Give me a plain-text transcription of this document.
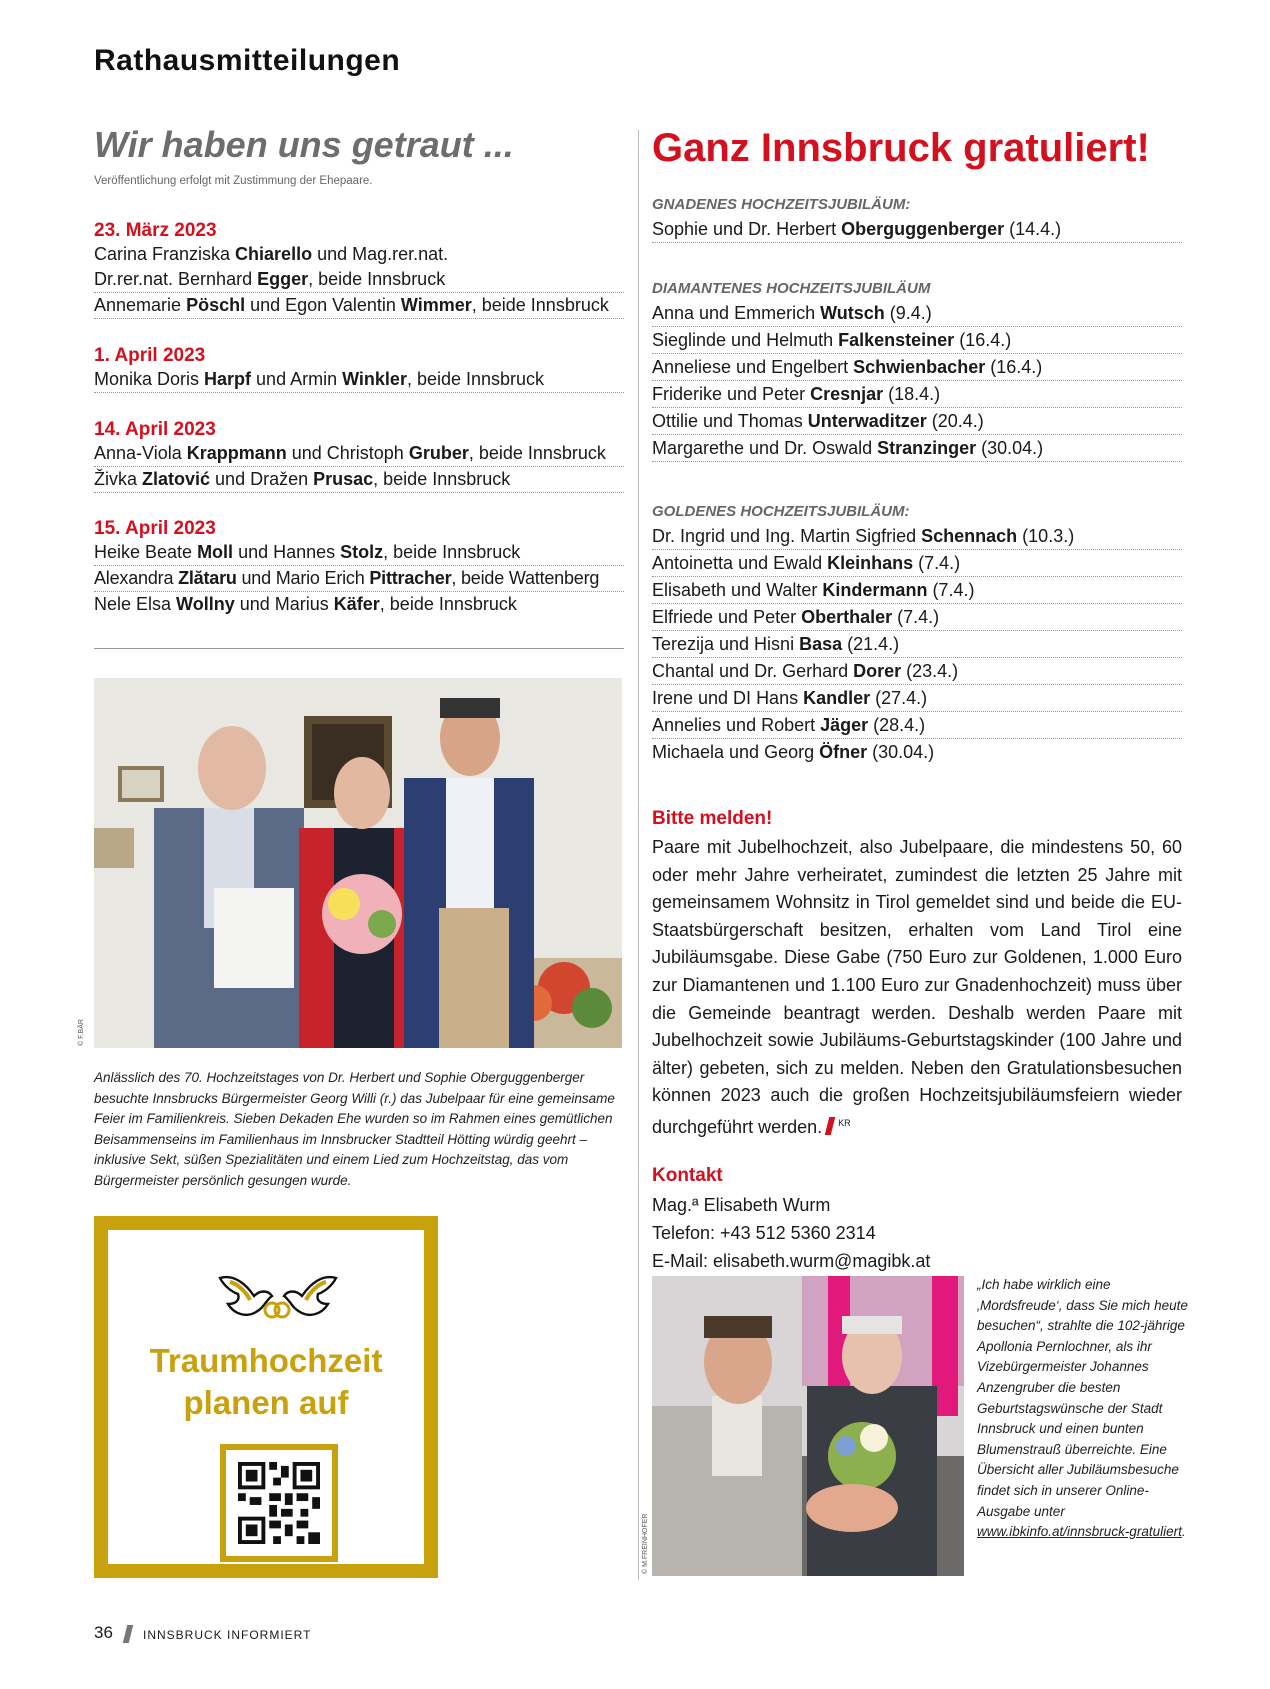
Rathausmitteilungen
Wir haben uns getraut ...
Veröffentlichung erfolgt mit Zustimmung der Ehepaare.
23. März 2023
Carina Franziska Chiarello und Mag.rer.nat.
Dr.rer.nat. Bernhard Egger, beide Innsbruck
Annemarie Pöschl und Egon Valentin Wimmer, beide Innsbruck
1. April 2023
Monika Doris Harpf und Armin Winkler, beide Innsbruck
14. April 2023
Anna-Viola Krappmann und Christoph Gruber, beide Innsbruck
Živka Zlatović und Dražen Prusac, beide Innsbruck
15. April 2023
Heike Beate Moll und Hannes Stolz, beide Innsbruck
Alexandra Zlătaru und Mario Erich Pittracher, beide Wattenberg
Nele Elsa Wollny und Marius Käfer, beide Innsbruck
© F.BÄR
Anlässlich des 70. Hochzeitstages von Dr. Herbert und Sophie Oberguggenberger besuchte Innsbrucks Bürgermeister Georg Willi (r.) das Jubelpaar für eine gemeinsame Feier im Familienkreis. Sieben Dekaden Ehe wurden so im Rahmen eines gemütlichen Beisammenseins im Familienhaus im Innsbrucker Stadtteil Hötting würdig geehrt – inklusive Sekt, süßen Spezialitäten und einem Lied zum Hochzeitstag, das vom Bürgermeister persönlich gesungen wurde.
Traumhochzeit
planen auf
Ganz Innsbruck gratuliert!
GNADENES HOCHZEITSJUBILÄUM:
Sophie und Dr. Herbert Oberguggenberger (14.4.)
DIAMANTENES HOCHZEITSJUBILÄUM
Anna und Emmerich Wutsch (9.4.)
Sieglinde und Helmuth Falkensteiner (16.4.)
Anneliese und Engelbert Schwienbacher (16.4.)
Friderike und Peter Cresnjar (18.4.)
Ottilie und Thomas Unterwaditzer (20.4.)
Margarethe und Dr. Oswald Stranzinger (30.04.)
GOLDENES HOCHZEITSJUBILÄUM:
Dr. Ingrid und Ing. Martin Sigfried Schennach (10.3.)
Antoinetta und Ewald Kleinhans (7.4.)
Elisabeth und Walter Kindermann (7.4.)
Elfriede und Peter Oberthaler (7.4.)
Terezija und Hisni Basa (21.4.)
Chantal und Dr. Gerhard Dorer (23.4.)
Irene und DI Hans Kandler (27.4.)
Annelies und Robert Jäger (28.4.)
Michaela und Georg Öfner (30.04.)
Bitte melden!
Paare mit Jubelhochzeit, also Jubelpaare, die mindestens 50, 60 oder mehr Jahre verheiratet, zumindest die letzten 25 Jahre mit gemeinsamem Wohnsitz in Tirol gemeldet sind und beide die EU-Staatsbürgerschaft besitzen, erhalten vom Land Tirol eine Jubiläumsgabe. Diese Gabe (750 Euro zur Goldenen, 1.000 Euro zur Diamantenen und 1.100 Euro zur Gnadenhochzeit) muss über die Gemeinde beantragt werden. Deshalb werden Paare mit Jubelhochzeit sowie Jubiläums-Geburtstagskinder (100 Jahre und älter) gebeten, sich zu melden. Neben den Gratulationsbesuchen können 2023 auch die großen Hochzeitsjubiläumsfeiern wieder durchgeführt werden. $^{KR}$
Kontakt
Mag.ª Elisabeth Wurm
Telefon: +43 512 5360 2314
E-Mail: elisabeth.wurm@magibk.at
© M.FREINHOFER
„Ich habe wirklich eine ‚Mordsfreude‘, dass Sie mich heute besuchen“, strahlte die 102-jährige Apollonia Pernlochner, als ihr Vizebürgermeister Johannes Anzengruber die besten Geburtstagswünsche der Stadt Innsbruck und einen bunten Blumenstrauß überreichte. Eine Übersicht aller Jubiläumsbesuche findet sich in unserer Online-Ausgabe unter www.ibkinfo.at/innsbruck-gratuliert.
36	INNSBRUCK INFORMIERT
